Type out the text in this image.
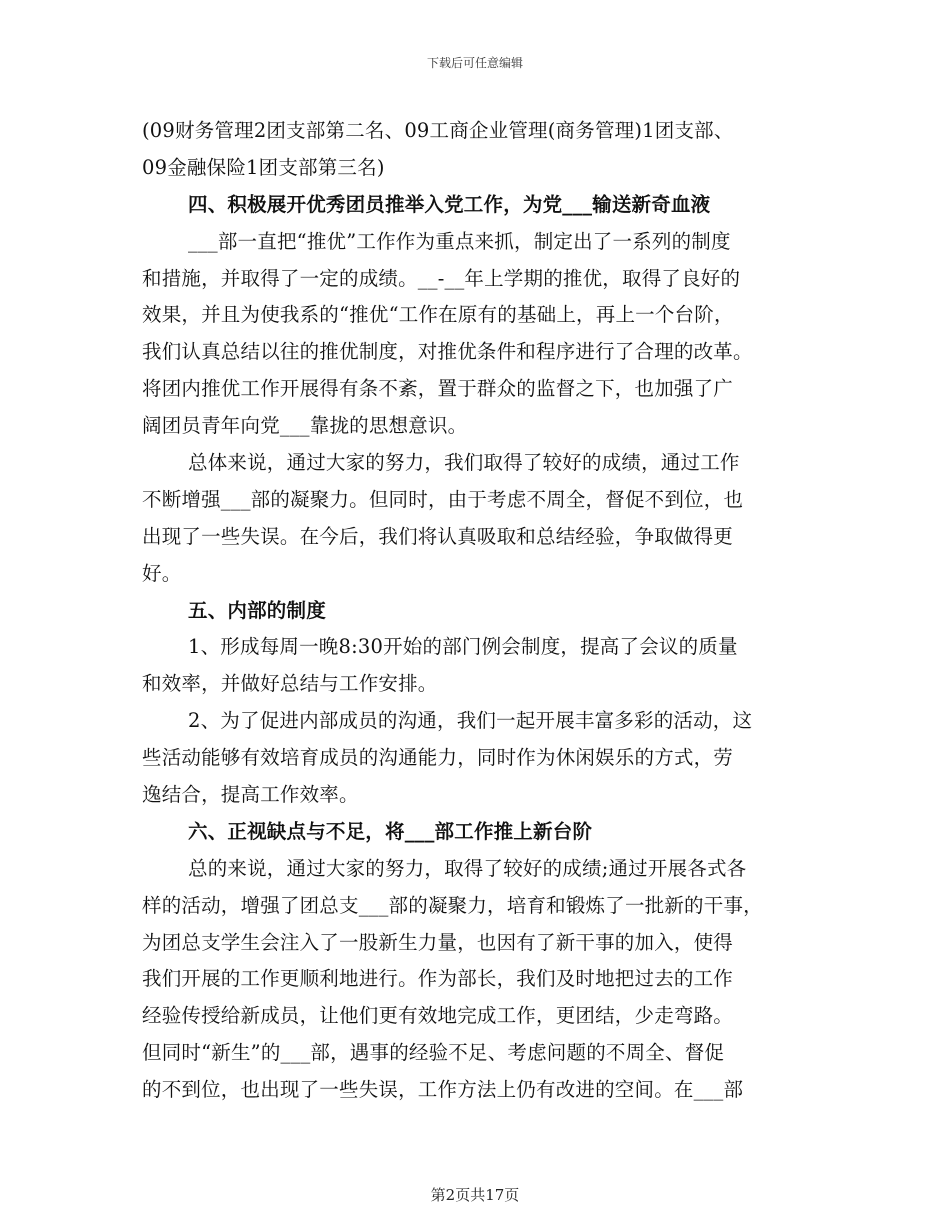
下载后可任意编辑
(09财务管理2团支部第二名、09工商企业管理(商务管理)1团支部、
09金融保险1团支部第三名)
四、积极展开优秀团员推举入党工作，为党___输送新奇血液
___部一直把“推优”工作作为重点来抓，制定出了一系列的制度
和措施，并取得了一定的成绩。__-__年上学期的推优，取得了良好的
效果，并且为使我系的“推优“工作在原有的基础上，再上一个台阶，
我们认真总结以往的推优制度，对推优条件和程序进行了合理的改革。
将团内推优工作开展得有条不紊，置于群众的监督之下，也加强了广
阔团员青年向党___靠拢的思想意识。
总体来说，通过大家的努力，我们取得了较好的成绩，通过工作
不断增强___部的凝聚力。但同时，由于考虑不周全，督促不到位，也
出现了一些失误。在今后，我们将认真吸取和总结经验，争取做得更
好。
五、内部的制度
1、形成每周一晚8:30开始的部门例会制度，提高了会议的质量
和效率，并做好总结与工作安排。
2、为了促进内部成员的沟通，我们一起开展丰富多彩的活动，这
些活动能够有效培育成员的沟通能力，同时作为休闲娱乐的方式，劳
逸结合，提高工作效率。
六、正视缺点与不足，将___部工作推上新台阶
总的来说，通过大家的努力，取得了较好的成绩;通过开展各式各
样的活动，增强了团总支___部的凝聚力，培育和锻炼了一批新的干事，
为团总支学生会注入了一股新生力量，也因有了新干事的加入，使得
我们开展的工作更顺利地进行。作为部长，我们及时地把过去的工作
经验传授给新成员，让他们更有效地完成工作，更团结，少走弯路。
但同时“新生”的___部，遇事的经验不足、考虑问题的不周全、督促
的不到位，也出现了一些失误，工作方法上仍有改进的空间。在___部
第2页共17页
